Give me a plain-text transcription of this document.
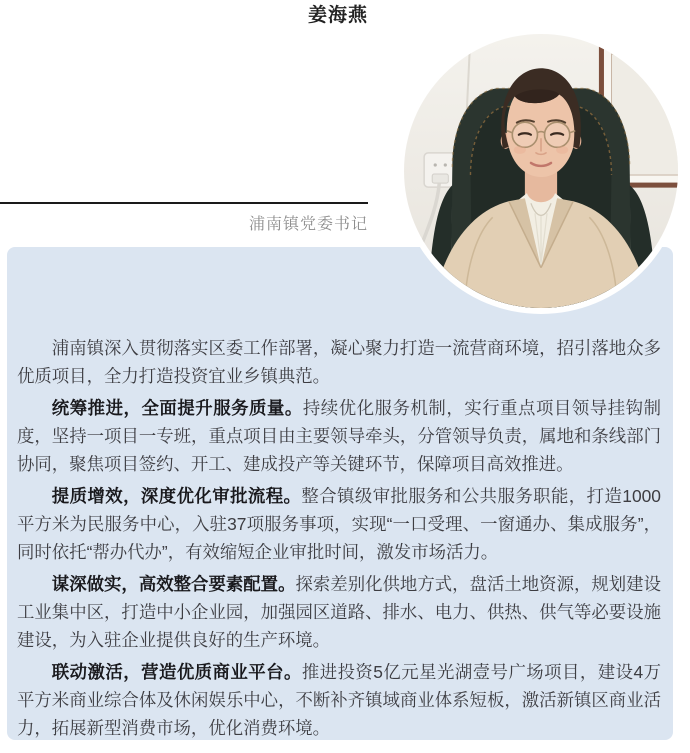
姜海燕
浦南镇党委书记

浦南镇深入贯彻落实区委工作部署，凝心聚力打造一流营商环境，招引落地众多优质项目，全力打造投资宜业乡镇典范。

统筹推进，全面提升服务质量。持续优化服务机制，实行重点项目领导挂钩制度，坚持一项目一专班，重点项目由主要领导牵头，分管领导负责，属地和条线部门协同，聚焦项目签约、开工、建成投产等关键环节，保障项目高效推进。

提质增效，深度优化审批流程。整合镇级审批服务和公共服务职能，打造1000平方米为民服务中心，入驻37项服务事项，实现“一口受理、一窗通办、集成服务”，同时依托“帮办代办”，有效缩短企业审批时间，激发市场活力。

谋深做实，高效整合要素配置。探索差别化供地方式，盘活土地资源，规划建设工业集中区，打造中小企业园，加强园区道路、排水、电力、供热、供气等必要设施建设，为入驻企业提供良好的生产环境。

联动激活，营造优质商业平台。推进投资5亿元星光湖壹号广场项目，建设4万平方米商业综合体及休闲娱乐中心，不断补齐镇域商业体系短板，激活新镇区商业活力，拓展新型消费市场，优化消费环境。
